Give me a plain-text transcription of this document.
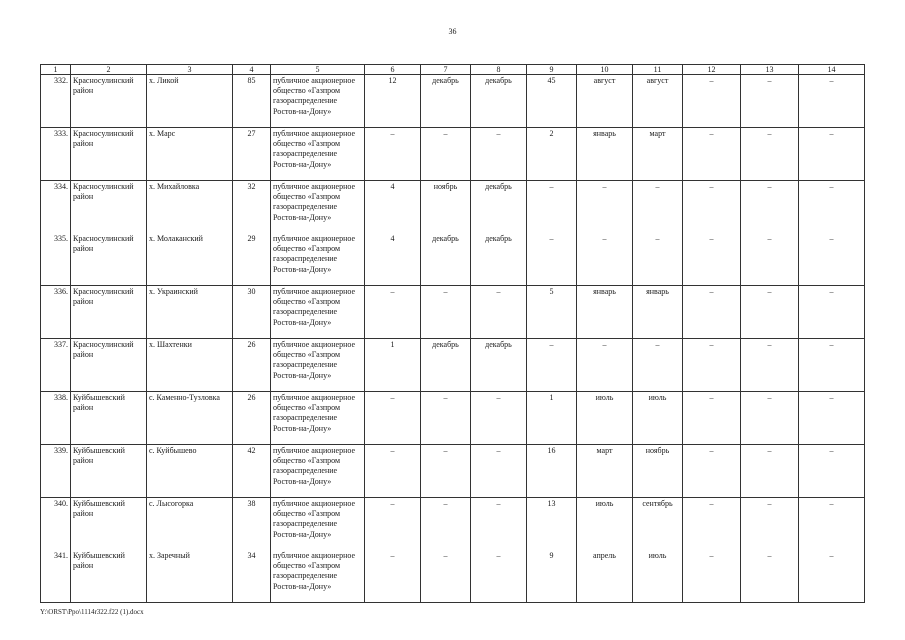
36
1	2	3	4	5	6	7	8	9	10	11	12	13	14
332.	Красносулинский район	х. Ликой	85	публичное акционерное общество «Газпром газораспределение Ростов-на-Дону»	12	декабрь	декабрь	45	август	август	–	–	–
333.	Красносулинский район	х. Марс	27	публичное акционерное общество «Газпром газораспределение Ростов-на-Дону»	–	–	–	2	январь	март	–	–	–
334.	Красносулинский район	х. Михайловка	32	публичное акционерное общество «Газпром газораспределение Ростов-на-Дону»	4	ноябрь	декабрь	–	–	–	–	–	–
335.	Красносулинский район	х. Молаканский	29	публичное акционерное общество «Газпром газораспределение Ростов-на-Дону»	4	декабрь	декабрь	–	–	–	–	–	–
336.	Красносулинский район	х. Украинский	30	публичное акционерное общество «Газпром газораспределение Ростов-на-Дону»	–	–	–	5	январь	январь	–	–	–
337.	Красносулинский район	х. Шахтенки	26	публичное акционерное общество «Газпром газораспределение Ростов-на-Дону»	1	декабрь	декабрь	–	–	–	–	–	–
338.	Куйбышевский район	с. Каменно-Тузловка	26	публичное акционерное общество «Газпром газораспределение Ростов-на-Дону»	–	–	–	1	июль	июль	–	–	–
339.	Куйбышевский район	с. Куйбышево	42	публичное акционерное общество «Газпром газораспределение Ростов-на-Дону»	–	–	–	16	март	ноябрь	–	–	–
340.	Куйбышевский район	с. Лысогорка	38	публичное акционерное общество «Газпром газораспределение Ростов-на-Дону»	–	–	–	13	июль	сентябрь	–	–	–
341.	Куйбышевский район	х. Заречный	34	публичное акционерное общество «Газпром газораспределение Ростов-на-Дону»	–	–	–	9	апрель	июль	–	–	–
Y:\ORST\Ppo\1114r322.f22 (1).docx
